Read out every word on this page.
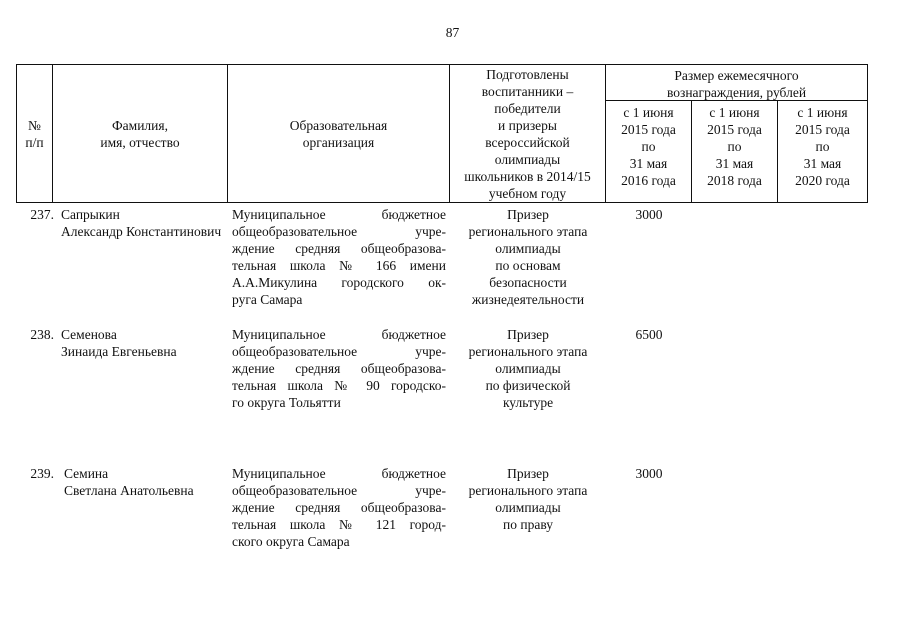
87
№
п/п
Фамилия,
имя, отчество
Образовательная
организация
Подготовлены
воспитанники –
победители
и призеры
всероссийской
олимпиады
школьников в 2014/15
учебном году
Размер ежемесячного
вознаграждения, рублей
с 1 июня
2015 года
по
31 мая
2016 года
с 1 июня
2015 года
по
31 мая
2018 года
с 1 июня
2015 года
по
31 мая
2020 года
237. Сапрыкин
Александр Константинович
Муниципальное бюджетное
общеобразовательное учре-
ждение средняя общеобразова-
тельная школа № 166 имени
А.А.Микулина городского ок-
руга Самара
Призер
регионального этапа
олимпиады
по основам
безопасности
жизнедеятельности
3000
238. Семенова
Зинаида Евгеньевна
Муниципальное бюджетное
общеобразовательное учре-
ждение средняя общеобразова-
тельная школа № 90 городско-
го округа Тольятти
Призер
регионального этапа
олимпиады
по физической
культуре
6500
239. Семина
Светлана Анатольевна
Муниципальное бюджетное
общеобразовательное учре-
ждение средняя общеобразова-
тельная школа № 121 город-
ского округа Самара
Призер
регионального этапа
олимпиады
по праву
3000
